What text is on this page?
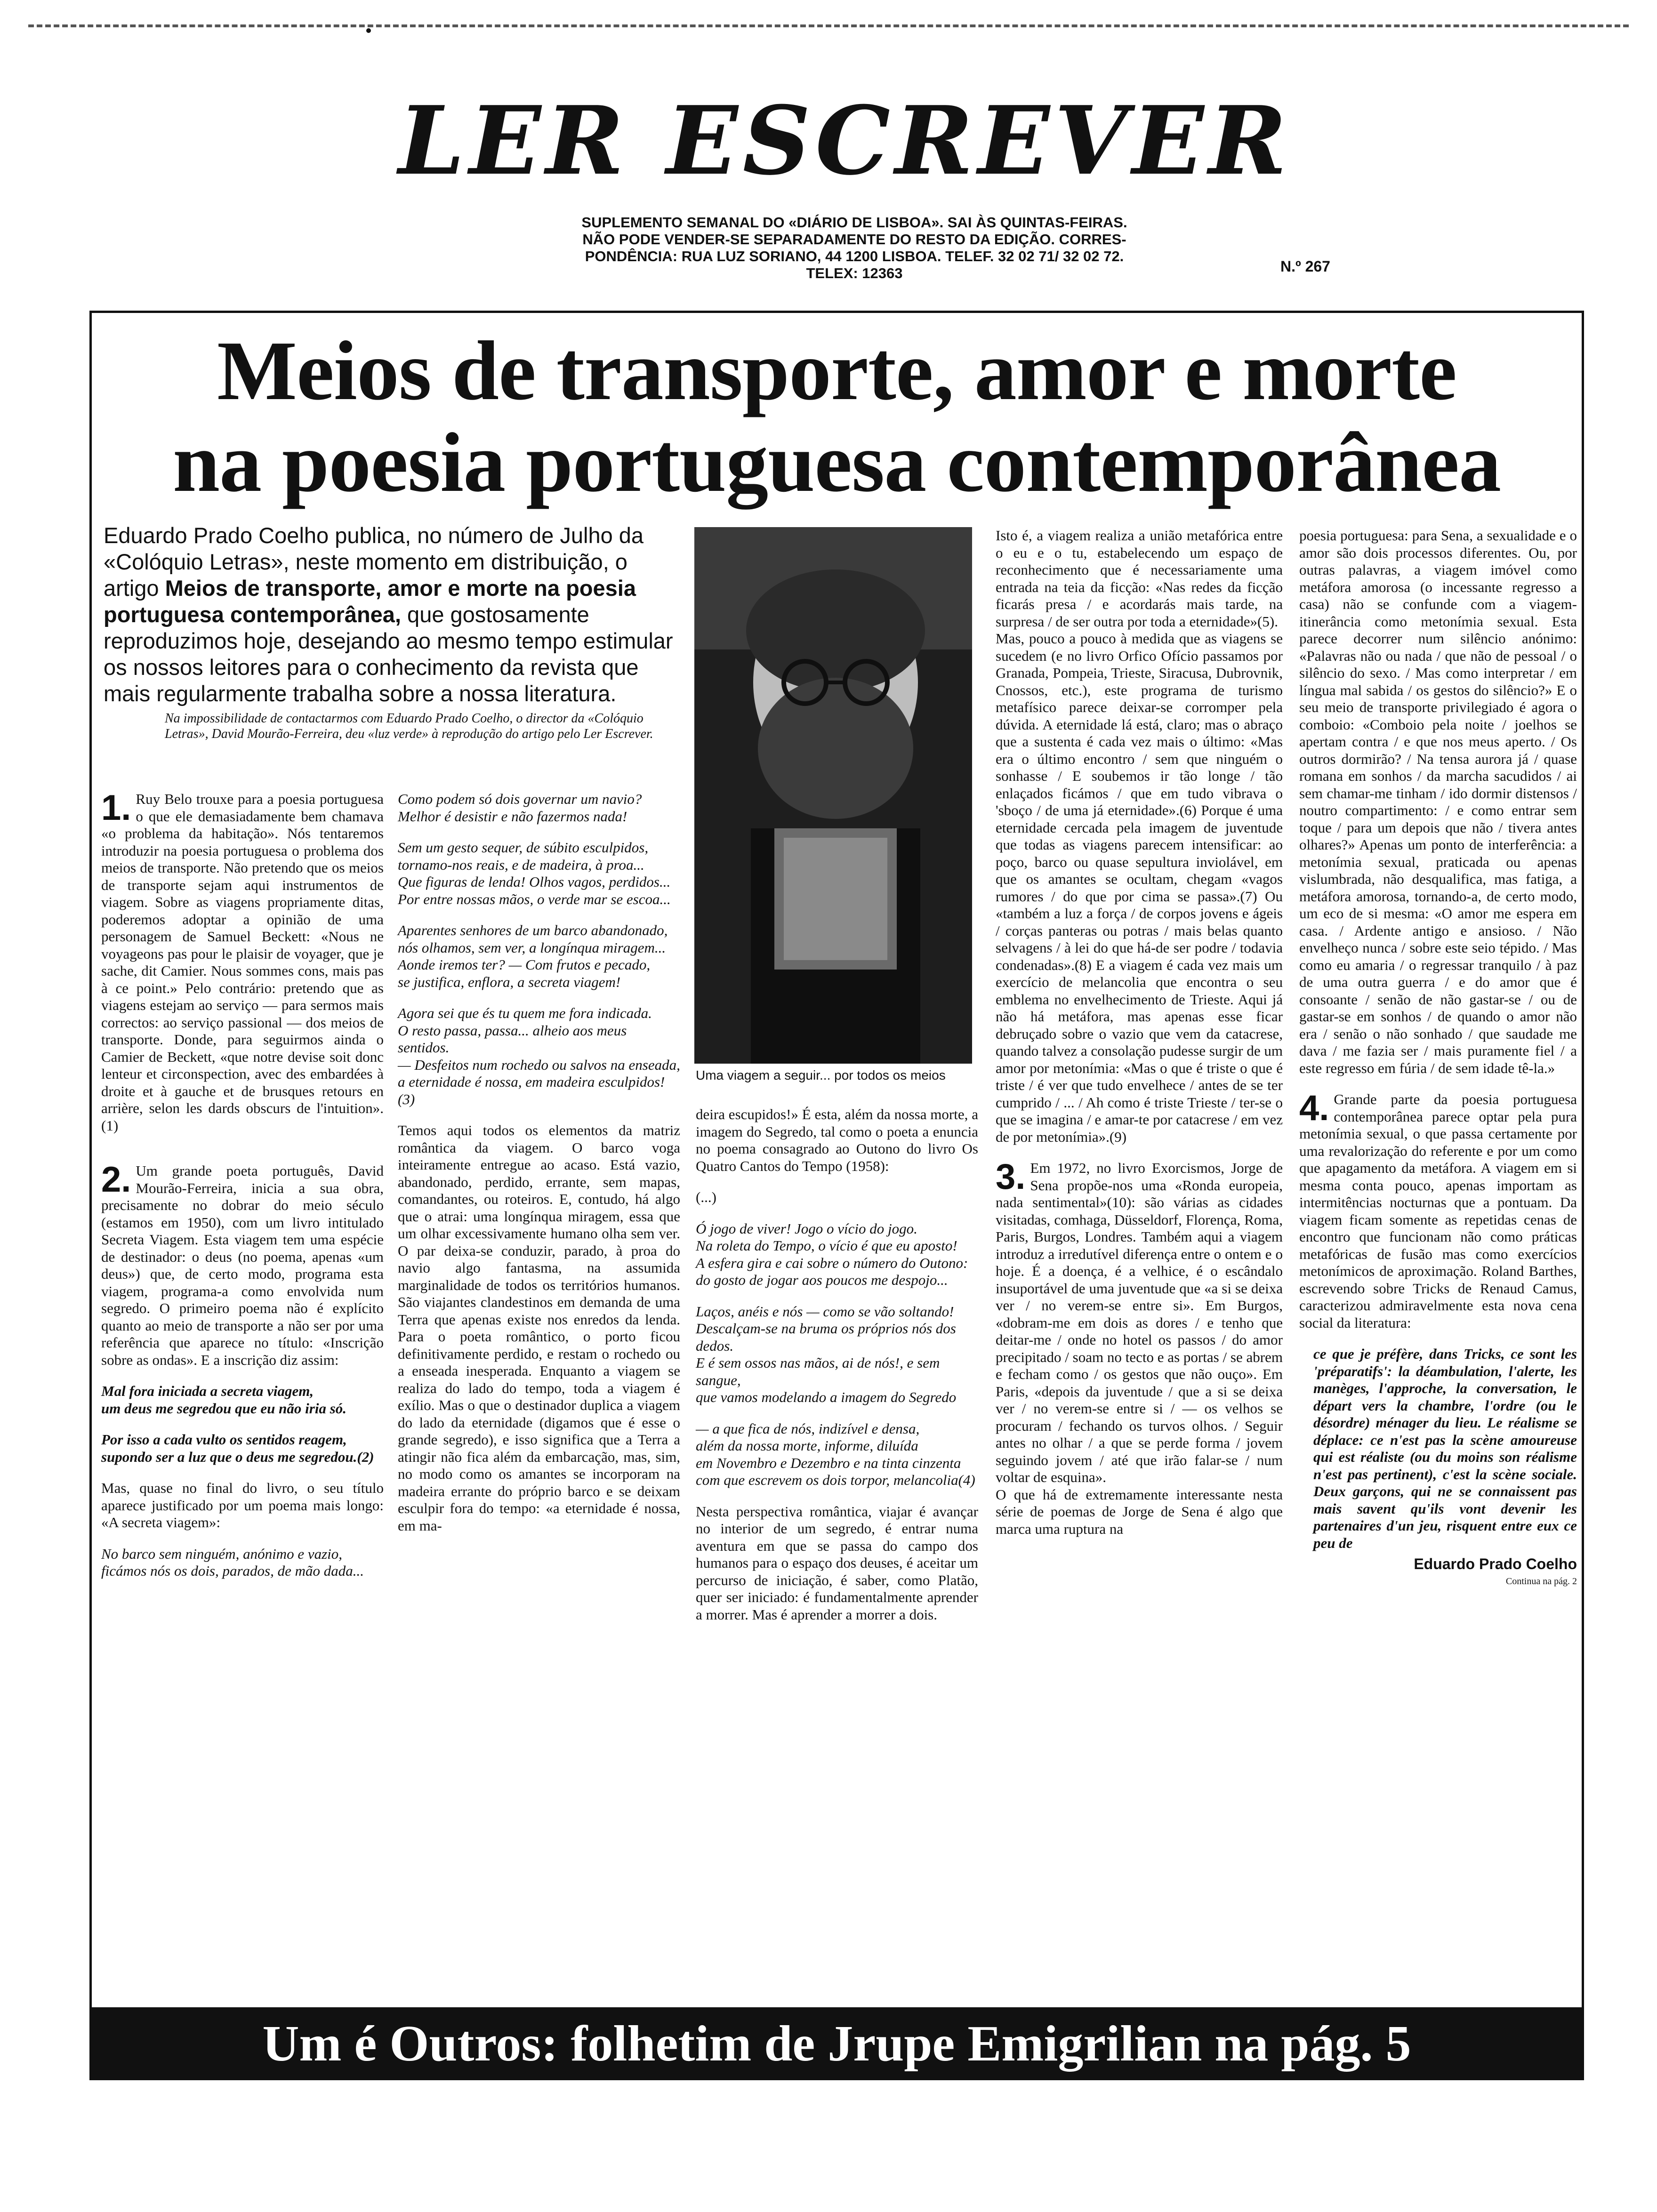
LER ESCREVER
SUPLEMENTO SEMANAL DO «DIÁRIO DE LISBOA». SAI ÀS QUINTAS-FEIRAS.
NÃO PODE VENDER-SE SEPARADAMENTE DO RESTO DA EDIÇÃO. CORRES-
PONDÊNCIA: RUA LUZ SORIANO, 44 1200 LISBOA. TELEF. 32 02 71/ 32 02 72.
TELEX: 12363	N.º 267
Meios de transporte, amor e morte
na poesia portuguesa contemporânea
Eduardo Prado Coelho publica, no número de Julho da «Colóquio Letras», neste momento em distribuição, o artigo Meios de transporte, amor e morte na poesia portuguesa contemporânea, que gostosamente reproduzimos hoje, desejando ao mesmo tempo estimular os nossos leitores para o conhecimento da revista que mais regularmente trabalha sobre a nossa literatura.
Na impossibilidade de contactarmos com Eduardo Prado Coelho, o director da «Colóquio Letras», David Mourão-Ferreira, deu «luz verde» à reprodução do artigo pelo Ler Escrever.
Uma viagem a seguir... por todos os meios

1. Ruy Belo trouxe para a poesia portuguesa o que ele demasiadamente bem chamava «o problema da habitação». Nós tentaremos introduzir na poesia portuguesa o problema dos meios de transporte. Não pretendo que os meios de transporte sejam aqui instrumentos de viagem. Sobre as viagens propriamente ditas, poderemos adoptar a opinião de uma personagem de Samuel Beckett: «Nous ne voyageons pas pour le plaisir de voyager, que je sache, dit Camier. Nous sommes cons, mais pas à ce point.» Pelo contrário: pretendo que as viagens estejam ao serviço — para sermos mais correctos: ao serviço passional — dos meios de transporte. Donde, para seguirmos ainda o Camier de Beckett, «que notre devise soit donc lenteur et circonspection, avec des embardées à droite et à gauche et de brusques retours en arrière, selon les dards obscurs de l'intuition».(1)

2. Um grande poeta português, David Mourão-Ferreira, inicia a sua obra, precisamente no dobrar do meio século (estamos em 1950), com um livro intitulado Secreta Viagem. Esta viagem tem uma espécie de destinador: o deus (no poema, apenas «um deus») que, de certo modo, programa esta viagem, programa-a como envolvida num segredo. O primeiro poema não é explícito quanto ao meio de transporte a não ser por uma referência que aparece no título: «Inscrição sobre as ondas». E a inscrição diz assim:

Mal fora iniciada a secreta viagem,

um deus me segredou que eu não iria só.

Por isso a cada vulto os sentidos reagem,

supondo ser a luz que o deus me segredou.(2)

Mas, quase no final do livro, o seu título aparece justificado por um poema mais longo: «A secreta viagem»:

No barco sem ninguém, anónimo e vazio,

ficámos nós os dois, parados, de mão dada...

Como podem só dois governar um navio?

Melhor é desistir e não fazermos nada!

Sem um gesto sequer, de súbito esculpidos,

tornamo-nos reais, e de madeira, à proa...

Que figuras de lenda! Olhos vagos, perdidos...

Por entre nossas mãos, o verde mar se escoa...

Aparentes senhores de um barco abandonado,

nós olhamos, sem ver, a longínqua miragem...

Aonde iremos ter? — Com frutos e pecado,

se justifica, enflora, a secreta viagem!

Agora sei que és tu quem me fora indicada.

O resto passa, passa... alheio aos meus sentidos.

— Desfeitos num rochedo ou salvos na enseada,

a eternidade é nossa, em madeira esculpidos!(3)

Temos aqui todos os elementos da matriz romântica da viagem. O barco voga inteiramente entregue ao acaso. Está vazio, abandonado, perdido, errante, sem mapas, comandantes, ou roteiros. E, contudo, há algo que o atrai: uma longínqua miragem, essa que um olhar excessivamente humano olha sem ver. O par deixa-se conduzir, parado, à proa do navio algo fantasma, na assumida marginalidade de todos os territórios humanos. São viajantes clandestinos em demanda de uma Terra que apenas existe nos enredos da lenda. Para o poeta romântico, o porto ficou definitivamente perdido, e restam o rochedo ou a enseada inesperada. Enquanto a viagem se realiza do lado do tempo, toda a viagem é exílio. Mas o que o destinador duplica a viagem do lado da eternidade (digamos que é esse o grande segredo), e isso significa que a Terra a atingir não fica além da embarcação, mas, sim, no modo como os amantes se incorporam na madeira errante do próprio barco e se deixam esculpir fora do tempo: «a eternidade é nossa, em ma-

deira escupidos!» É esta, além da nossa morte, a imagem do Segredo, tal como o poeta a enuncia no poema consagrado ao Outono do livro Os Quatro Cantos do Tempo (1958):

(...)

Ó jogo de viver! Jogo o vício do jogo.

Na roleta do Tempo, o vício é que eu aposto!

A esfera gira e cai sobre o número do Outono:

do gosto de jogar aos poucos me despojo...

Laços, anéis e nós — como se vão soltando!

Descalçam-se na bruma os próprios nós dos dedos.

E é sem ossos nas mãos, ai de nós!, e sem sangue,

que vamos modelando a imagem do Segredo

— a que fica de nós, indizível e densa,

além da nossa morte, informe, diluída

em Novembro e Dezembro e na tinta cinzenta

com que escrevem os dois torpor, melancolia(4)

Nesta perspectiva romântica, viajar é avançar no interior de um segredo, é entrar numa aventura em que se passa do campo dos humanos para o espaço dos deuses, é aceitar um percurso de iniciação, é saber, como Platão, quer ser iniciado: é fundamentalmente aprender a morrer. Mas é aprender a morrer a dois.

Isto é, a viagem realiza a união metafórica entre o eu e o tu, estabelecendo um espaço de reconhecimento que é necessariamente uma entrada na teia da ficção: «Nas redes da ficção ficarás presa / e acordarás mais tarde, na surpresa / de ser outra por toda a eternidade»(5).

Mas, pouco a pouco à medida que as viagens se sucedem (e no livro Orfico Ofício passamos por Granada, Pompeia, Trieste, Siracusa, Dubrovnik, Cnossos, etc.), este programa de turismo metafísico parece deixar-se corromper pela dúvida. A eternidade lá está, claro; mas o abraço que a sustenta é cada vez mais o último: «Mas era o último encontro / sem que ninguém o sonhasse / E soubemos ir tão longe / tão enlaçados ficámos / que em tudo vibrava o 'sboço / de uma já eternidade».(6) Porque é uma eternidade cercada pela imagem de juventude que todas as viagens parecem intensificar: ao poço, barco ou quase sepultura inviolável, em que os amantes se ocultam, chegam «vagos rumores / do que por cima se passa».(7) Ou «também a luz a força / de corpos jovens e ágeis / corças panteras ou potras / mais belas quanto selvagens / à lei do que há-de ser podre / todavia condenadas».(8) E a viagem é cada vez mais um exercício de melancolia que encontra o seu emblema no envelhecimento de Trieste. Aqui já não há metáfora, mas apenas esse ficar debruçado sobre o vazio que vem da catacrese, quando talvez a consolação pudesse surgir de um amor por metonímia: «Mas o que é triste o que é triste / é ver que tudo envelhece / antes de se ter cumprido / ... / Ah como é triste Trieste / ter-se o que se imagina / e amar-te por catacrese / em vez de por metonímia».(9)

3. Em 1972, no livro Exorcismos, Jorge de Sena propõe-nos uma «Ronda europeia, nada sentimental»(10): são várias as cidades visitadas, comhaga, Düsseldorf, Florença, Roma, Paris, Burgos, Londres. Também aqui a viagem introduz a irredutível diferença entre o ontem e o hoje. É a doença, é a velhice, é o escândalo insuportável de uma juventude que «a si se deixa ver / no verem-se entre si». Em Burgos, «dobram-me em dois as dores / e tenho que deitar-me / onde no hotel os passos / do amor precipitado / soam no tecto e as portas / se abrem e fecham como / os gestos que não ouço». Em Paris, «depois da juventude / que a si se deixa ver / no verem-se entre si / — os velhos se procuram / fechando os turvos olhos. / Seguir antes no olhar / a que se perde forma / jovem seguindo jovem / até que irão falar-se / num voltar de esquina».

O que há de extremamente interessante nesta série de poemas de Jorge de Sena é algo que marca uma ruptura na

poesia portuguesa: para Sena, a sexualidade e o amor são dois processos diferentes. Ou, por outras palavras, a viagem imóvel como metáfora amorosa (o incessante regresso a casa) não se confunde com a viagem-itinerância como metonímia sexual. Esta parece decorrer num silêncio anónimo: «Palavras não ou nada / que não de pessoal / o silêncio do sexo. / Mas como interpretar / em língua mal sabida / os gestos do silêncio?» E o seu meio de transporte privilegiado é agora o comboio: «Comboio pela noite / joelhos se apertam contra / e que nos meus aperto. / Os outros dormirão? / Na tensa aurora já / quase romana em sonhos / da marcha sacudidos / ai sem chamar-me tinham / ido dormir distensos / noutro compartimento: / e como entrar sem toque / para um depois que não / tivera antes olhares?» Apenas um ponto de interferência: a metonímia sexual, praticada ou apenas vislumbrada, não desqualifica, mas fatiga, a metáfora amorosa, tornando-a, de certo modo, um eco de si mesma: «O amor me espera em casa. / Ardente antigo e ansioso. / Não envelheço nunca / sobre este seio tépido. / Mas como eu amaria / o regressar tranquilo / à paz de uma outra guerra / e do amor que é consoante / senão de não gastar-se / ou de gastar-se em sonhos / de quando o amor não era / senão o não sonhado / que saudade me dava / me fazia ser / mais puramente fiel / a este regresso em fúria / de sem idade tê-la.»

4. Grande parte da poesia portuguesa contemporânea parece optar pela pura metonímia sexual, o que passa certamente por uma revalorização do referente e por um como que apagamento da metáfora. A viagem em si mesma conta pouco, apenas importam as intermitências nocturnas que a pontuam. Da viagem ficam somente as repetidas cenas de encontro que funcionam não como práticas metafóricas de fusão mas como exercícios metonímicos de aproximação. Roland Barthes, escrevendo sobre Tricks de Renaud Camus, caracterizou admiravelmente esta nova cena social da literatura:

ce que je préfère, dans Tricks, ce sont les 'préparatifs': la déambulation, l'alerte, les manèges, l'approche, la conversation, le départ vers la chambre, l'ordre (ou le désordre) ménager du lieu. Le réalisme se déplace: ce n'est pas la scène amoureuse qui est réaliste (ou du moins son réalisme n'est pas pertinent), c'est la scène sociale. Deux garçons, qui ne se connaissent pas mais savent qu'ils vont devenir les partenaires d'un jeu, risquent entre eux ce peu de

Eduardo Prado Coelho
Continua na pág. 2
Um é Outros: folhetim de Jrupe Emigrilian na pág. 5
